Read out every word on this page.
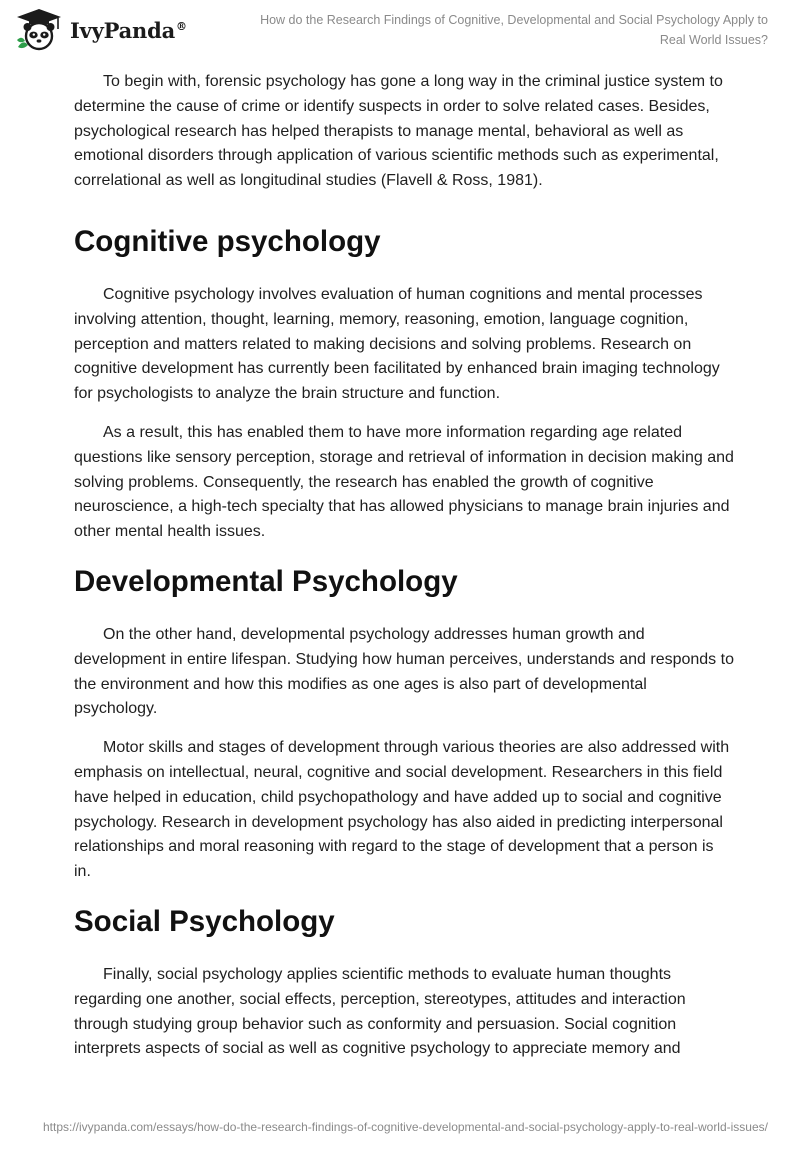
IvyPanda®	How do the Research Findings of Cognitive, Developmental and Social Psychology Apply to Real World Issues?

To begin with, forensic psychology has gone a long way in the criminal justice system to determine the cause of crime or identify suspects in order to solve related cases. Besides, psychological research has helped therapists to manage mental, behavioral as well as emotional disorders through application of various scientific methods such as experimental, correlational as well as longitudinal studies (Flavell & Ross, 1981).

Cognitive psychology

Cognitive psychology involves evaluation of human cognitions and mental processes involving attention, thought, learning, memory, reasoning, emotion, language cognition, perception and matters related to making decisions and solving problems. Research on cognitive development has currently been facilitated by enhanced brain imaging technology for psychologists to analyze the brain structure and function.

As a result, this has enabled them to have more information regarding age related questions like sensory perception, storage and retrieval of information in decision making and solving problems. Consequently, the research has enabled the growth of cognitive neuroscience, a high-tech specialty that has allowed physicians to manage brain injuries and other mental health issues.

Developmental Psychology

On the other hand, developmental psychology addresses human growth and development in entire lifespan. Studying how human perceives, understands and responds to the environment and how this modifies as one ages is also part of developmental psychology.

Motor skills and stages of development through various theories are also addressed with emphasis on intellectual, neural, cognitive and social development. Researchers in this field have helped in education, child psychopathology and have added up to social and cognitive psychology. Research in development psychology has also aided in predicting interpersonal relationships and moral reasoning with regard to the stage of development that a person is in.

Social Psychology

Finally, social psychology applies scientific methods to evaluate human thoughts regarding one another, social effects, perception, stereotypes, attitudes and interaction through studying group behavior such as conformity and persuasion. Social cognition interprets aspects of social as well as cognitive psychology to appreciate memory and

https://ivypanda.com/essays/how-do-the-research-findings-of-cognitive-developmental-and-social-psychology-apply-to-real-world-issues/
